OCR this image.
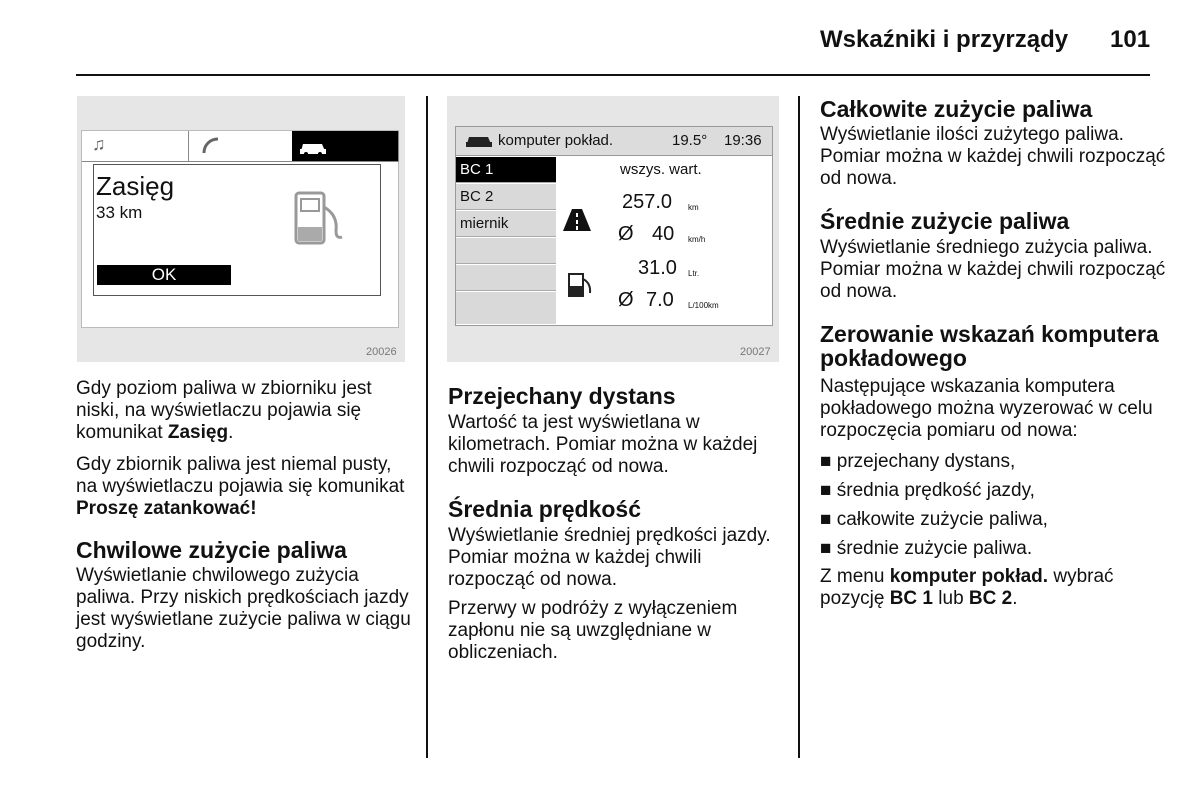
Wskaźniki i przyrządy 101
♫
Zasięg
33 km
OK
20026
komputer pokład.	19.5° 19:36
BC 1
BC 2
miernik
wszys. wart.
257.0 km
Ø 40 km/h
31.0 Ltr.
Ø 7.0 L/100km
20027
Gdy poziom paliwa w zbiorniku jest niski, na wyświetlaczu pojawia się komunikat Zasięg.
Gdy zbiornik paliwa jest niemal pusty, na wyświetlaczu pojawia się komunikat Proszę zatankować!
Chwilowe zużycie paliwa
Wyświetlanie chwilowego zużycia paliwa. Przy niskich prędkościach jazdy jest wyświetlane zużycie paliwa w ciągu godziny.
Przejechany dystans
Wartość ta jest wyświetlana w kilometrach. Pomiar można w każdej chwili rozpocząć od nowa.
Średnia prędkość
Wyświetlanie średniej prędkości jazdy. Pomiar można w każdej chwili rozpocząć od nowa.
Przerwy w podróży z wyłączeniem zapłonu nie są uwzględniane w obliczeniach.
Całkowite zużycie paliwa
Wyświetlanie ilości zużytego paliwa. Pomiar można w każdej chwili rozpocząć od nowa.
Średnie zużycie paliwa
Wyświetlanie średniego zużycia paliwa. Pomiar można w każdej chwili rozpocząć od nowa.
Zerowanie wskazań komputera pokładowego
Następujące wskazania komputera pokładowego można wyzerować w celu rozpoczęcia pomiaru od nowa:
■ przejechany dystans,
■ średnia prędkość jazdy,
■ całkowite zużycie paliwa,
■ średnie zużycie paliwa.
Z menu komputer pokład. wybrać pozycję BC 1 lub BC 2.
